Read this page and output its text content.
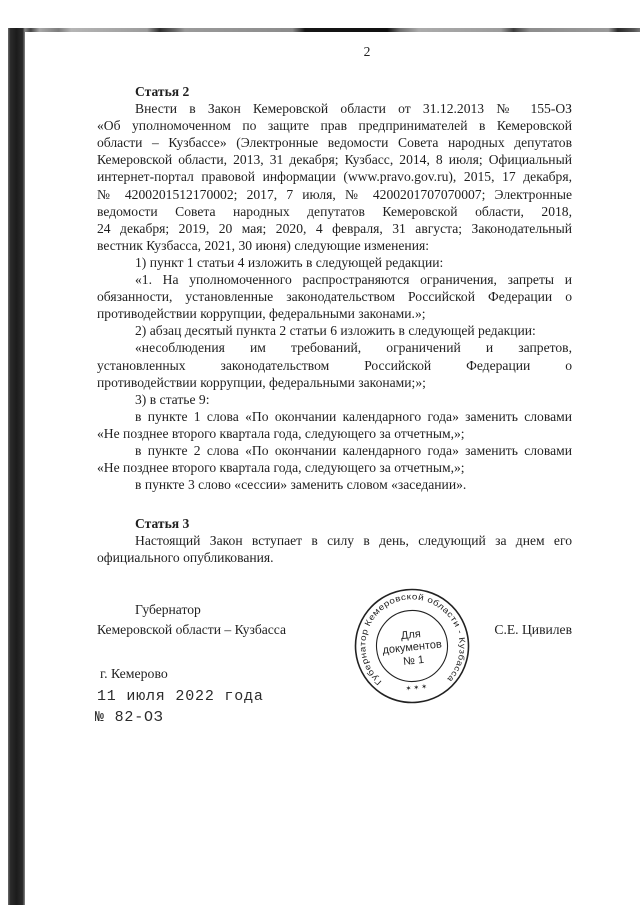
2
Статья 2
Внести в Закон Кемеровской области от 31.12.2013 № 155-ОЗ
«Об уполномоченном по защите прав предпринимателей в Кемеровской
области – Кузбассе» (Электронные ведомости Совета народных депутатов
Кемеровской области, 2013, 31 декабря; Кузбасс, 2014, 8 июля; Официальный
интернет-портал правовой информации (www.pravo.gov.ru), 2015, 17 декабря,
№ 4200201512170002; 2017, 7 июля, № 4200201707070007; Электронные
ведомости Совета народных депутатов Кемеровской области, 2018,
24 декабря; 2019, 20 мая; 2020, 4 февраля, 31 августа; Законодательный
вестник Кузбасса, 2021, 30 июня) следующие изменения:
1) пункт 1 статьи 4 изложить в следующей редакции:
«1. На уполномоченного распространяются ограничения, запреты и
обязанности, установленные законодательством Российской Федерации о
противодействии коррупции, федеральными законами.»;
2) абзац десятый пункта 2 статьи 6 изложить в следующей редакции:
«несоблюдения им требований, ограничений и запретов,
установленных законодательством Российской Федерации о
противодействии коррупции, федеральными законами;»;
3) в статье 9:
в пункте 1 слова «По окончании календарного года» заменить словами
«Не позднее второго квартала года, следующего за отчетным,»;
в пункте 2 слова «По окончании календарного года» заменить словами
«Не позднее второго квартала года, следующего за отчетным,»;
в пункте 3 слово «сессии» заменить словом «заседании».
Статья 3
Настоящий Закон вступает в силу в день, следующий за днем его
официального опубликования.
Губернатор
Кемеровской области – Кузбасса	С.Е. Цивилев
Губернатор Кемеровской области - Кузбасса
Для
документов
№ 1
✶ ✶ ✶
г. Кемерово
11 июля 2022 года
№ 82-ОЗ
